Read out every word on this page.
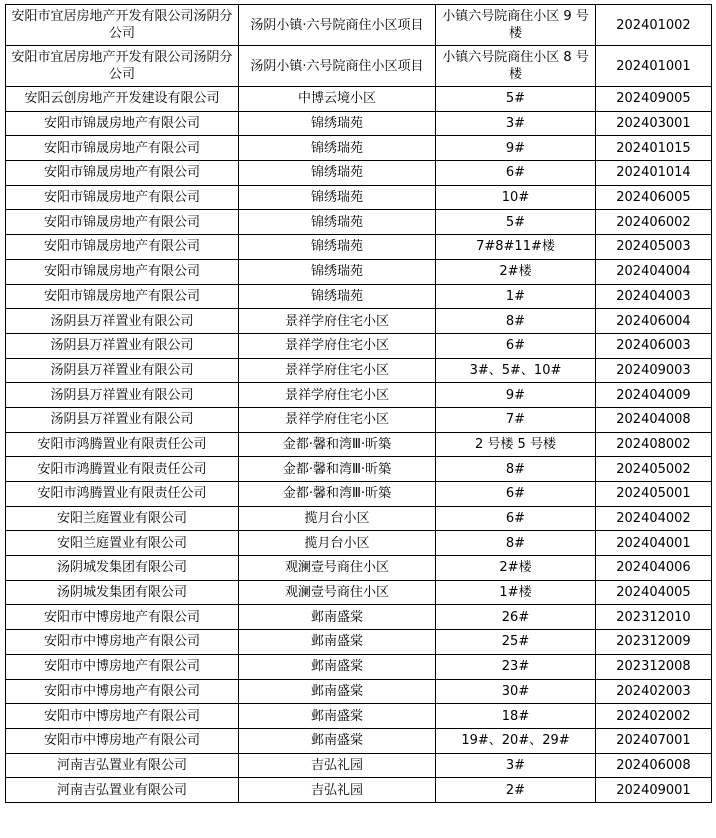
安阳市宜居房地产开发有限公司汤阴分公司	汤阴小镇·六号院商住小区项目	小镇六号院商住小区 9 号楼	202401002
安阳市宜居房地产开发有限公司汤阴分公司	汤阴小镇·六号院商住小区项目	小镇六号院商住小区 8 号楼	202401001
安阳云创房地产开发建设有限公司	中博云境小区	5#	202409005
安阳市锦晟房地产有限公司	锦绣瑞苑	3#	202403001
安阳市锦晟房地产有限公司	锦绣瑞苑	9#	202401015
安阳市锦晟房地产有限公司	锦绣瑞苑	6#	202401014
安阳市锦晟房地产有限公司	锦绣瑞苑	10#	202406005
安阳市锦晟房地产有限公司	锦绣瑞苑	5#	202406002
安阳市锦晟房地产有限公司	锦绣瑞苑	7#8#11#楼	202405003
安阳市锦晟房地产有限公司	锦绣瑞苑	2#楼	202404004
安阳市锦晟房地产有限公司	锦绣瑞苑	1#	202404003
汤阴县万祥置业有限公司	景祥学府住宅小区	8#	202406004
汤阴县万祥置业有限公司	景祥学府住宅小区	6#	202406003
汤阴县万祥置业有限公司	景祥学府住宅小区	3#、5#、10#	202409003
汤阴县万祥置业有限公司	景祥学府住宅小区	9#	202404009
汤阴县万祥置业有限公司	景祥学府住宅小区	7#	202404008
安阳市鸿腾置业有限责任公司	金都·馨和湾Ⅲ·昕築	2 号楼 5 号楼	202408002
安阳市鸿腾置业有限责任公司	金都·馨和湾Ⅲ·昕築	8#	202405002
安阳市鸿腾置业有限责任公司	金都·馨和湾Ⅲ·昕築	6#	202405001
安阳兰庭置业有限公司	揽月台小区	6#	202404002
安阳兰庭置业有限公司	揽月台小区	8#	202404001
汤阴城发集团有限公司	观澜壹号商住小区	2#楼	202404006
汤阴城发集团有限公司	观澜壹号商住小区	1#楼	202404005
安阳市中博房地产有限公司	邺南盛棠	26#	202312010
安阳市中博房地产有限公司	邺南盛棠	25#	202312009
安阳市中博房地产有限公司	邺南盛棠	23#	202312008
安阳市中博房地产有限公司	邺南盛棠	30#	202402003
安阳市中博房地产有限公司	邺南盛棠	18#	202402002
安阳市中博房地产有限公司	邺南盛棠	19#、20#、29#	202407001
河南吉弘置业有限公司	吉弘礼园	3#	202406008
河南吉弘置业有限公司	吉弘礼园	2#	202409001
